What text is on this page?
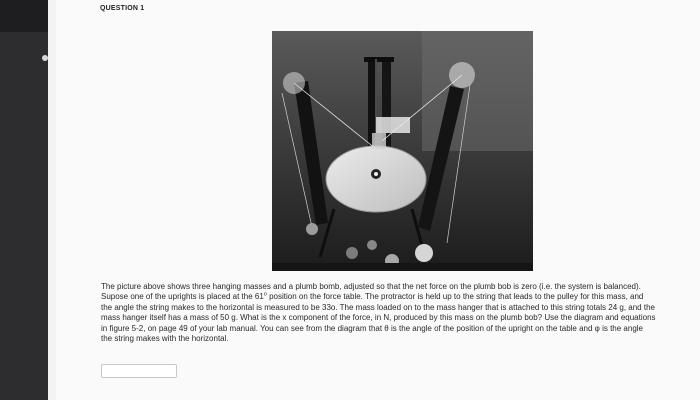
QUESTION 1
The picture above shows three hanging masses and a plumb bomb, adjusted so that the net force on the plumb bob is zero (i.e. the system is balanced). Supose one of the uprights is placed at the 61$^o$ position on the force table. The protractor is held up to the string that leads to the pulley for this mass, and the angle the string makes to the horizontal is measured to be 33o. The mass loaded on to the mass hanger that is attached to this string totals 24 g, and the mass hanger itself has a mass of 50 g. What is the x component of the force, in N, produced by this mass on the plumb bob? Use the diagram and equations in figure 5-2, on page 49 of your lab manual. You can see from the diagram that θ is the angle of the position of the upright on the table and φ is the angle the string makes with the horizontal.
